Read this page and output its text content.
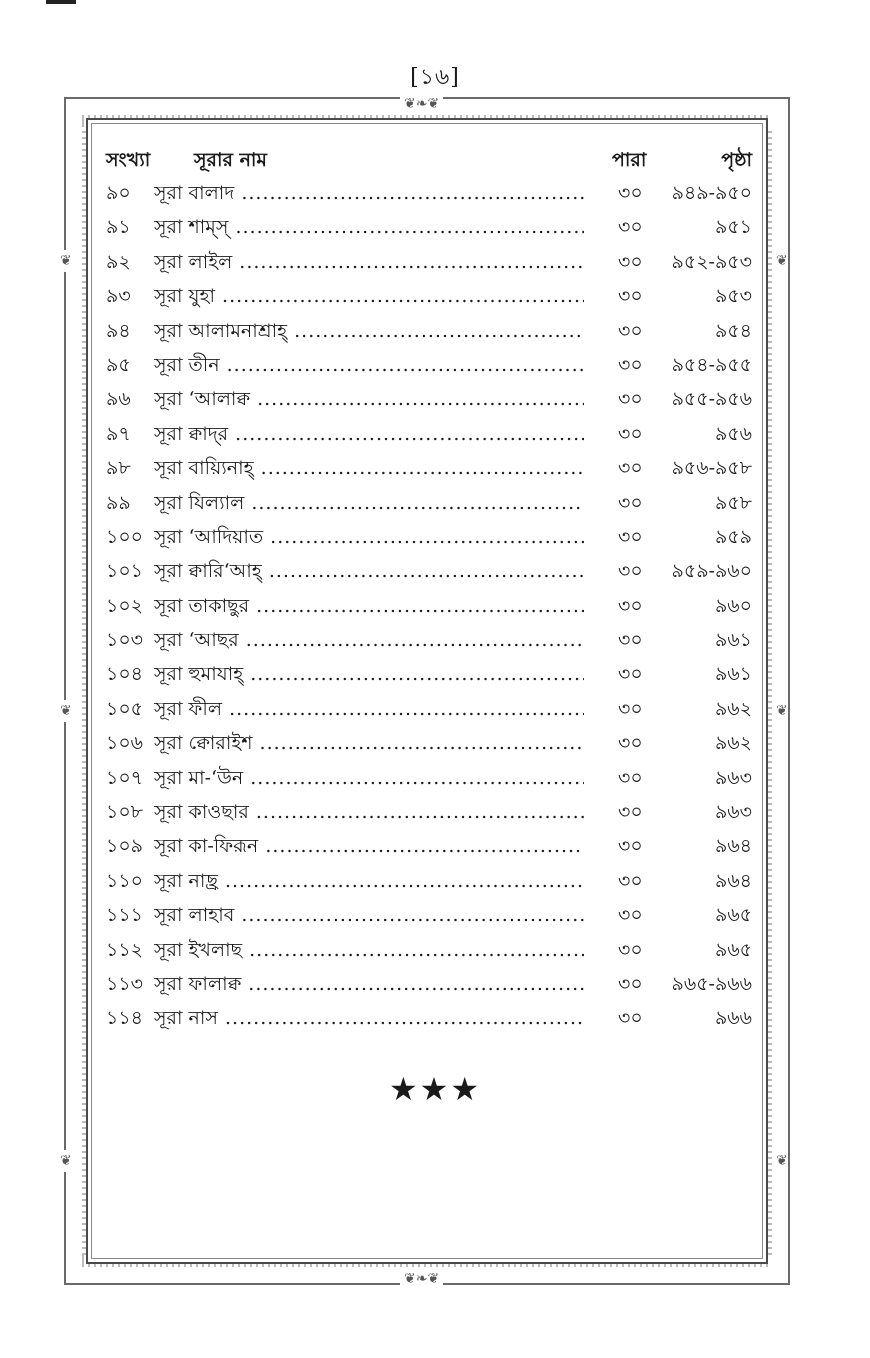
[১৬]
❦❧❦
❦❧❦
❦
❦
❦
❦
❦
❦
সংখ্যা সূরার নাম	পারা	পৃষ্ঠা
৯০	সূরা বালাদ .....	৩০	৯৪৯-৯৫০
৯১	সূরা শাম্স্ .....	৩০	৯৫১
৯২	সূরা লাইল .....	৩০	৯৫২-৯৫৩
৯৩	সূরা যুহা .....	৩০	৯৫৩
৯৪	সূরা আলামনাশ্রাহ্ .....	৩০	৯৫৪
৯৫	সূরা তীন .....	৩০	৯৫৪-৯৫৫
৯৬	সূরা ‘আলাক্ব .....	৩০	৯৫৫-৯৫৬
৯৭	সূরা ক্বাদ্‌র .....	৩০	৯৫৬
৯৮	সূরা বায়্যিনাহ্ .....	৩০	৯৫৬-৯৫৮
৯৯	সূরা যিল্যাল .....	৩০	৯৫৮
১০০ সূরা ‘আদিয়াত .....	৩০	৯৫৯
১০১ সূরা ক্বারি‘আহ্ .....	৩০	৯৫৯-৯৬০
১০২ সূরা তাকাছুর .....	৩০	৯৬০
১০৩ সূরা ‘আছর .....	৩০	৯৬১
১০৪ সূরা হুমাযাহ্ .....	৩০	৯৬১
১০৫ সূরা ফীল .....	৩০	৯৬২
১০৬ সূরা ক্বোরাইশ .....	৩০	৯৬২
১০৭ সূরা মা-‘উন .....	৩০	৯৬৩
১০৮ সূরা কাওছার .....	৩০	৯৬৩
১০৯ সূরা কা-ফিরূন .....	৩০	৯৬৪
১১০ সূরা নাছ্র .....	৩০	৯৬৪
১১১ সূরা লাহাব .....	৩০	৯৬৫
১১২ সূরা ইখলাছ .....	৩০	৯৬৫
১১৩ সূরা ফালাক্ব .....	৩০	৯৬৫-৯৬৬
১১৪ সূরা নাস .....	৩০	৯৬৬
★★★
